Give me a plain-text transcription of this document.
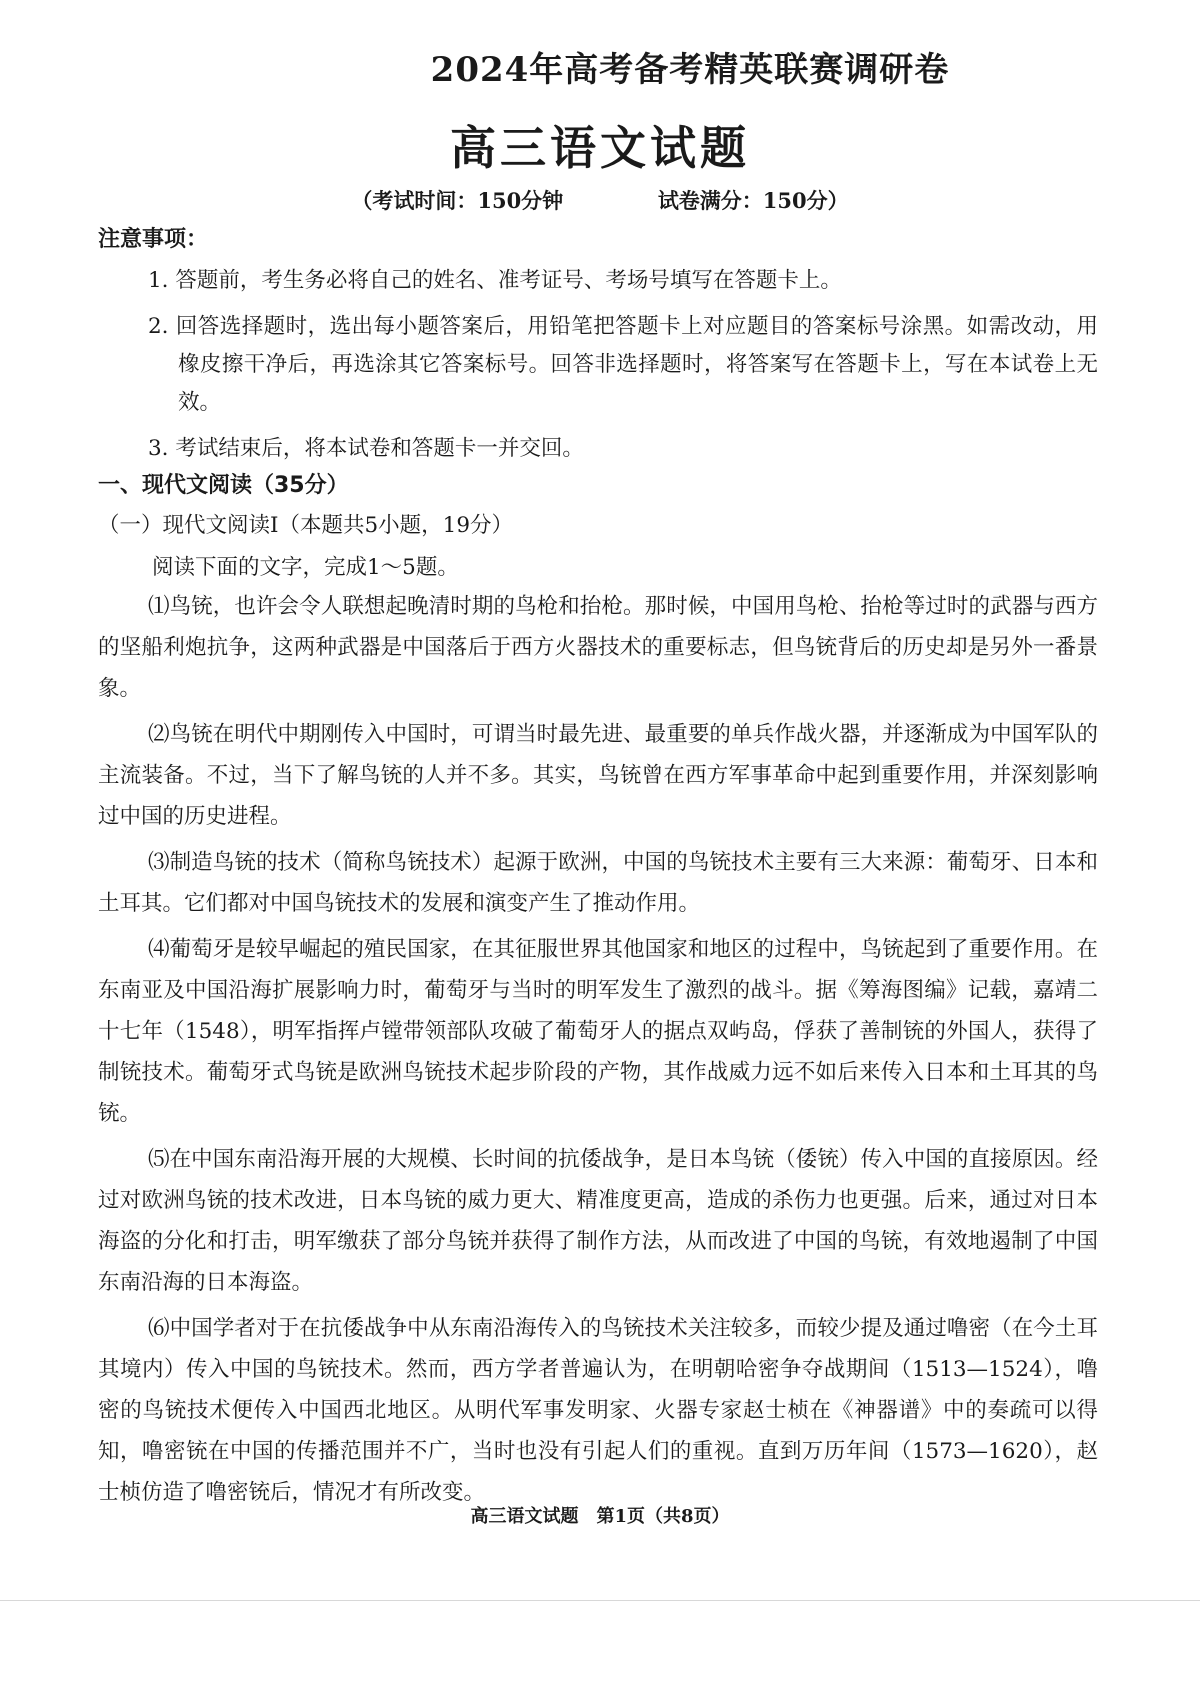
2024年高考备考精英联赛调研卷
高三语文试题
（考试时间：150分钟	试卷满分：150分）
注意事项：
1. 答题前，考生务必将自己的姓名、准考证号、考场号填写在答题卡上。
2. 回答选择题时，选出每小题答案后，用铅笔把答题卡上对应题目的答案标号涂黑。如需改动，用橡皮擦干净后，再选涂其它答案标号。回答非选择题时，将答案写在答题卡上，写在本试卷上无效。
3. 考试结束后，将本试卷和答题卡一并交回。
一、现代文阅读（35分）
（一）现代文阅读Ⅰ（本题共5小题，19分）
阅读下面的文字，完成1～5题。

⑴鸟铳，也许会令人联想起晚清时期的鸟枪和抬枪。那时候，中国用鸟枪、抬枪等过时的武器与西方的坚船利炮抗争，这两种武器是中国落后于西方火器技术的重要标志，但鸟铳背后的历史却是另外一番景象。

⑵鸟铳在明代中期刚传入中国时，可谓当时最先进、最重要的单兵作战火器，并逐渐成为中国军队的主流装备。不过，当下了解鸟铳的人并不多。其实，鸟铳曾在西方军事革命中起到重要作用，并深刻影响过中国的历史进程。

⑶制造鸟铳的技术（简称鸟铳技术）起源于欧洲，中国的鸟铳技术主要有三大来源：葡萄牙、日本和土耳其。它们都对中国鸟铳技术的发展和演变产生了推动作用。

⑷葡萄牙是较早崛起的殖民国家，在其征服世界其他国家和地区的过程中，鸟铳起到了重要作用。在东南亚及中国沿海扩展影响力时，葡萄牙与当时的明军发生了激烈的战斗。据《筹海图编》记载，嘉靖二十七年（1548），明军指挥卢镗带领部队攻破了葡萄牙人的据点双屿岛，俘获了善制铳的外国人，获得了制铳技术。葡萄牙式鸟铳是欧洲鸟铳技术起步阶段的产物，其作战威力远不如后来传入日本和土耳其的鸟铳。

⑸在中国东南沿海开展的大规模、长时间的抗倭战争，是日本鸟铳（倭铳）传入中国的直接原因。经过对欧洲鸟铳的技术改进，日本鸟铳的威力更大、精准度更高，造成的杀伤力也更强。后来，通过对日本海盗的分化和打击，明军缴获了部分鸟铳并获得了制作方法，从而改进了中国的鸟铳，有效地遏制了中国东南沿海的日本海盗。

⑹中国学者对于在抗倭战争中从东南沿海传入的鸟铳技术关注较多，而较少提及通过噜密（在今土耳其境内）传入中国的鸟铳技术。然而，西方学者普遍认为，在明朝哈密争夺战期间（1513—1524），噜密的鸟铳技术便传入中国西北地区。从明代军事发明家、火器专家赵士桢在《神器谱》中的奏疏可以得知，噜密铳在中国的传播范围并不广，当时也没有引起人们的重视。直到万历年间（1573—1620），赵士桢仿造了噜密铳后，情况才有所改变。

高三语文试题　第1页（共8页）
